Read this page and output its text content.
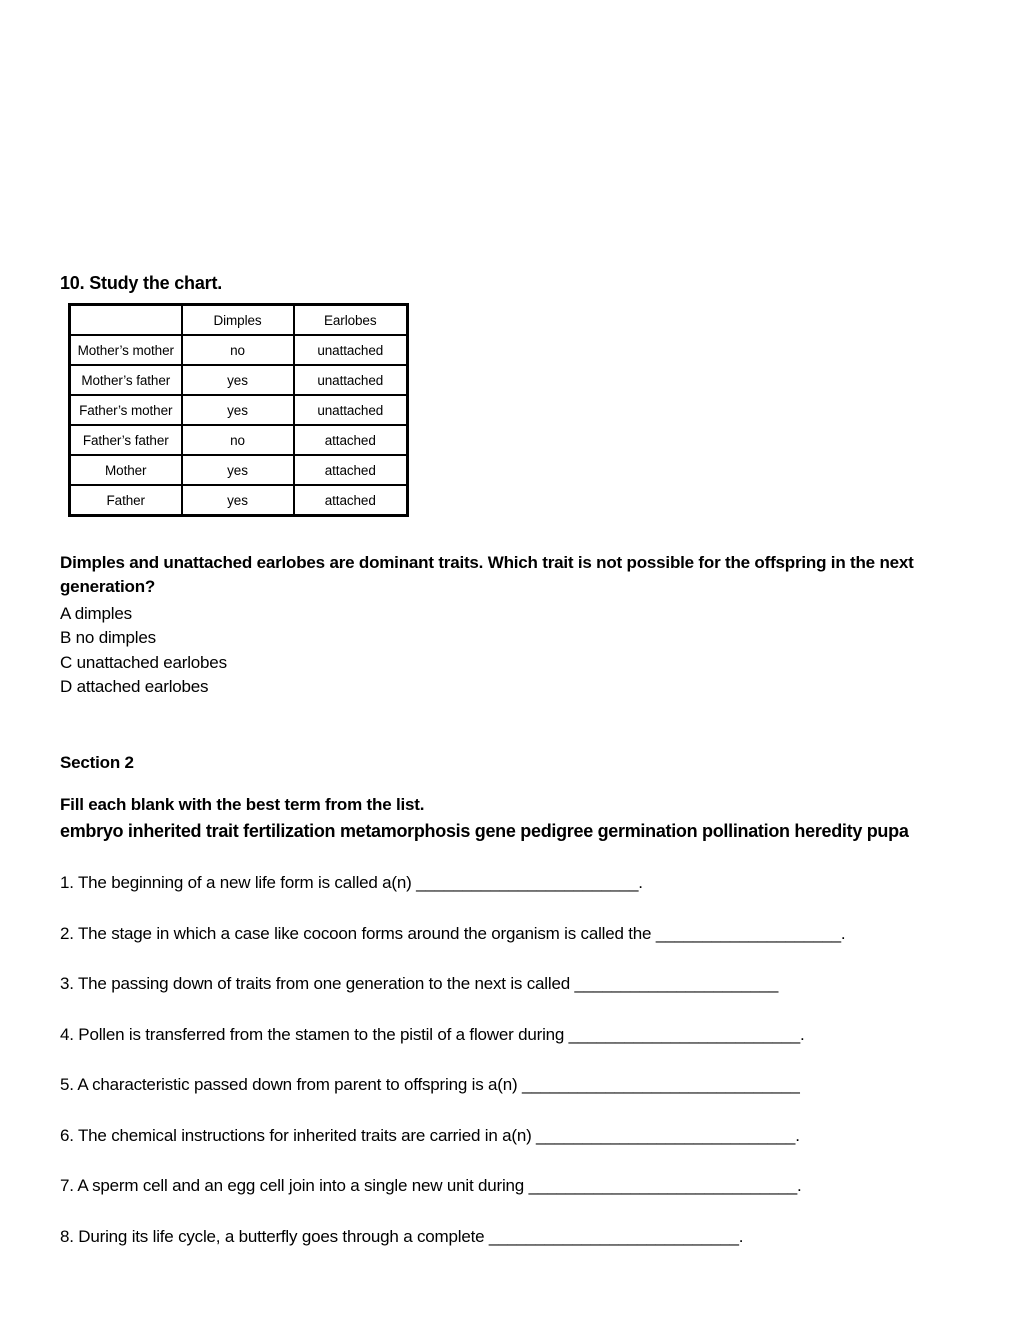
10. Study the chart.
	Dimples	Earlobes
Mother’s mother	no	unattached
Mother’s father	yes	unattached
Father’s mother	yes	unattached
Father’s father	no	attached
Mother	yes	attached
Father	yes	attached
Dimples and unattached earlobes are dominant traits. Which trait is not possible for the offspring in the next generation?
A dimples
B no dimples
C unattached earlobes
D attached earlobes
Section 2
Fill each blank with the best term from the list.
embryo inherited trait fertilization metamorphosis gene pedigree germination pollination heredity pupa
1. The beginning of a new life form is called a(n) ________________________.
2. The stage in which a case like cocoon forms around the organism is called the ____________________.
3. The passing down of traits from one generation to the next is called ______________________
4. Pollen is transferred from the stamen to the pistil of a flower during _________________________.
5. A characteristic passed down from parent to offspring is a(n) ______________________________
6. The chemical instructions for inherited traits are carried in a(n) ____________________________.
7. A sperm cell and an egg cell join into a single new unit during _____________________________.
8. During its life cycle, a butterfly goes through a complete ___________________________.
